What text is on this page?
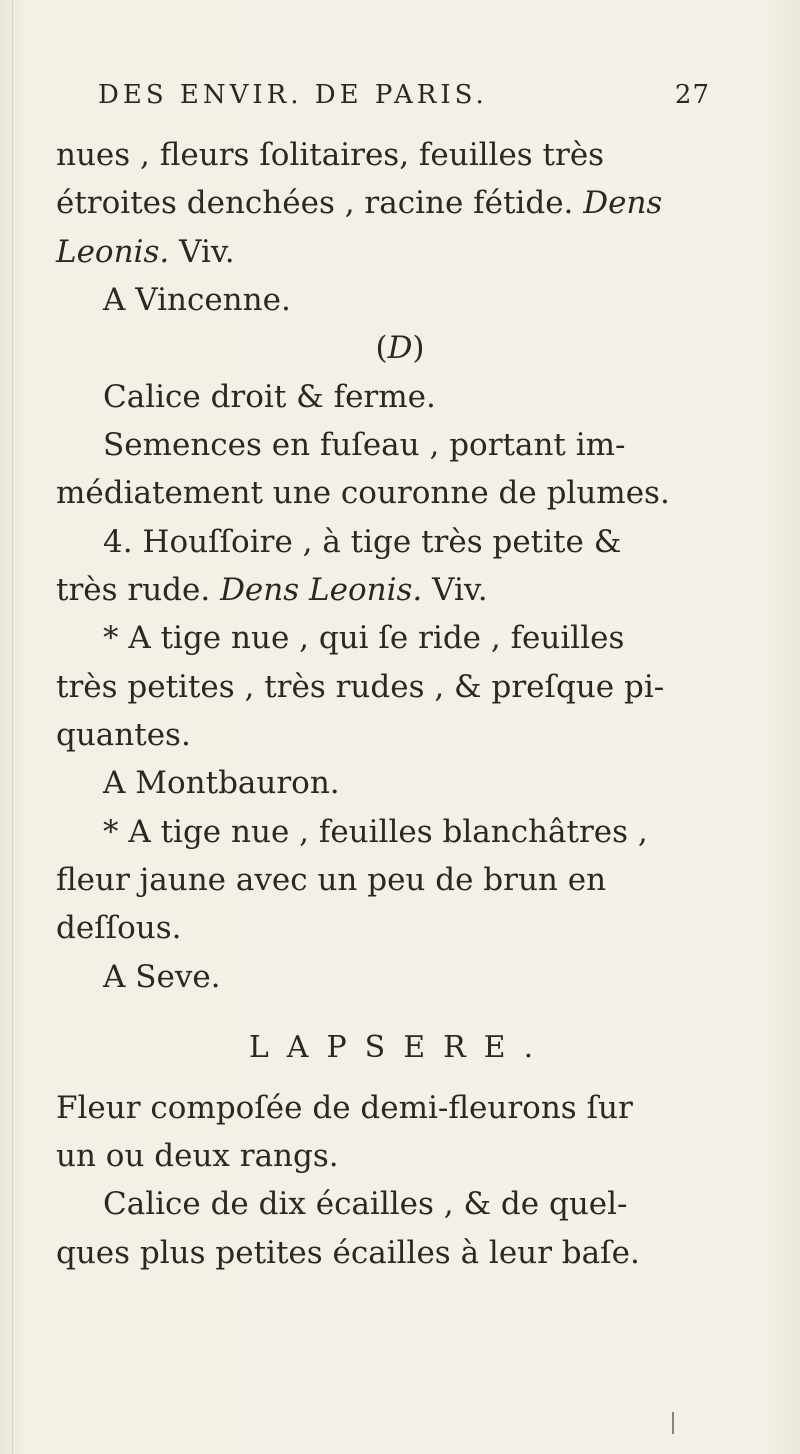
DES ENVIR. DE PARIS.	27
nues , fleurs ſolitaires, feuilles très
étroites denchées , racine fétide. Dens
Leonis. Viv.
A Vincenne.
(D)
Calice droit & ferme.
Semences en fuſeau , portant im-
médiatement une couronne de plumes.
4. Houſſoire , à tige très petite &
très rude. Dens Leonis. Viv.
* A tige nue , qui ſe ride , feuilles
très petites , très rudes , & preſque pi-
quantes.
A Montbauron.
* A tige nue , feuilles blanchâtres ,
fleur jaune avec un peu de brun en
deſſous.
A Seve.
LAPSERE.
Fleur compoſée de demi-fleurons ſur
un ou deux rangs.
Calice de dix écailles , & de quel-
ques plus petites écailles à leur baſe.
